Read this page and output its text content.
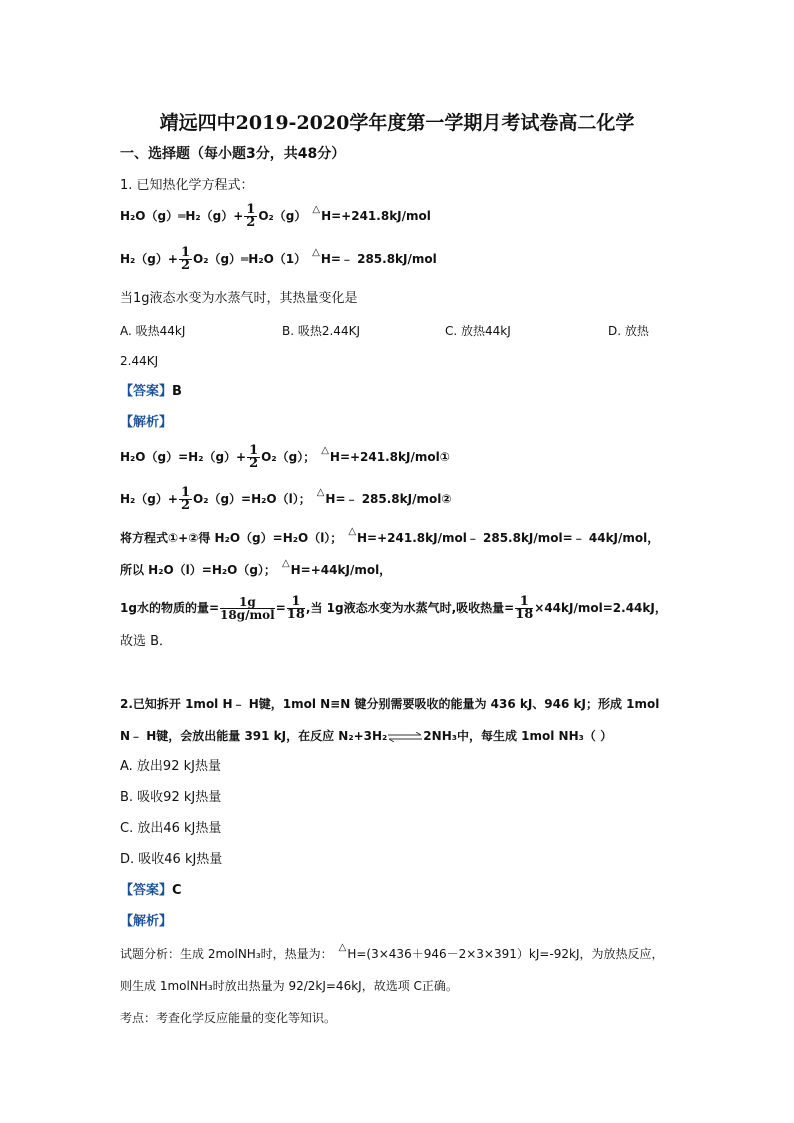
靖远四中2019-2020学年度第一学期月考试卷高二化学
一、选择题（每小题3分，共48分）
1. 已知热化学方程式：
H₂O（g）═H₂（g）+ $\frac{1}{2} O_2(g)$ △H=+241.8kJ/mol
$H_2(g)+ \frac{1}{2}$ O₂（g）═H₂O（1） △H=﹣ 285.8kJ/mol
当1g液态水变为水蒸气时，其热量变化是
A. 吸热44kJ	B. 吸热2.44KJ	C. 放热44kJ	D. 放热
2.44KJ
【答案】B
【解析】
$H_2O(g)=H_2(g)+ \frac{1}{2} O_2(g)$； △H=+241.8kJ/mol①
$H_2(g)+ \frac{1}{2} O_2(g)=H_2O(l)$； △H=﹣ 285.8kJ/mol②
将方程式①+②得 H₂O（g）=H₂O（l）； △H=+241.8kJ/mol﹣ 285.8kJ/mol=﹣ 44kJ/mol，
所以 H₂O（l）=H₂O（g）； △H=+44kJ/mol，
1g水的物质的量= $\frac{1g}{\text{18g/mol}} = \frac{1}{18}$ ,当 1g液态水变为水蒸气时,吸收热量= $\frac{1}{18} \times 44kJ/mol=2.44kJ$，
故选 B．
2.已知拆开 1mol H﹣ H键，1mol N≡N 键分别需要吸收的能量为 436 kJ、946 kJ；形成 1mol
N﹣ H键，会放出能量 391 kJ，在反应 N₂+3H₂⇌2NH₃中，每生成 1mol NH₃（ ）
A. 放出92 kJ热量
B. 吸收92 kJ热量
C. 放出46 kJ热量
D. 吸收46 kJ热量
【答案】C
【解析】
试题分析：生成 2molNH₃时，热量为： △H=(3×436＋946－2×3×391）kJ=-92kJ，为放热反应，
则生成 1molNH₃时放出热量为 92/2kJ=46kJ，故选项 C正确。
考点：考查化学反应能量的变化等知识。
